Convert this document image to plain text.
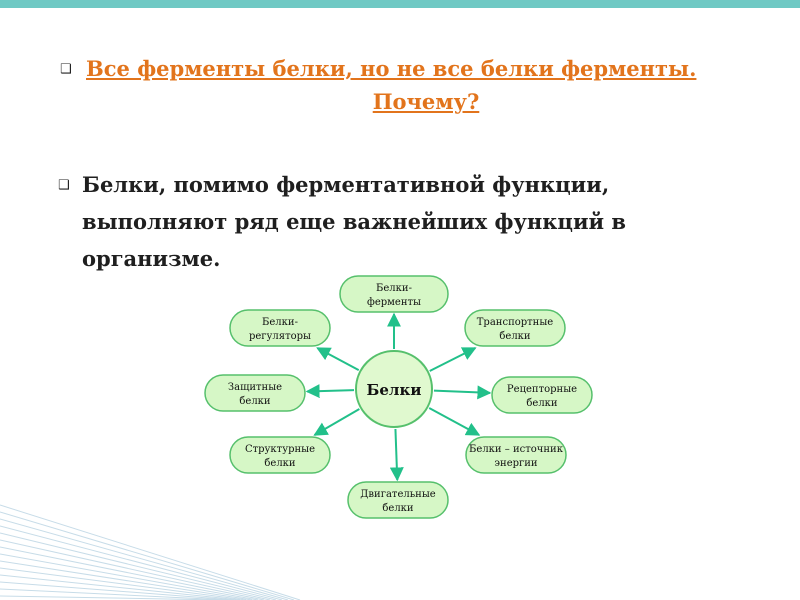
❑ Все ферменты белки, но не все белки ферменты.
Почему?
❑ Белки, помимо ферментативной функции, выполняют ряд еще важнейших функций в организме.
Белки-
ферменты
Транспортные
белки
Рецепторные
белки
Белки – источник
энергии
Двигательные
белки
Структурные
белки
Защитные
белки
Белки-
регуляторы
Белки
